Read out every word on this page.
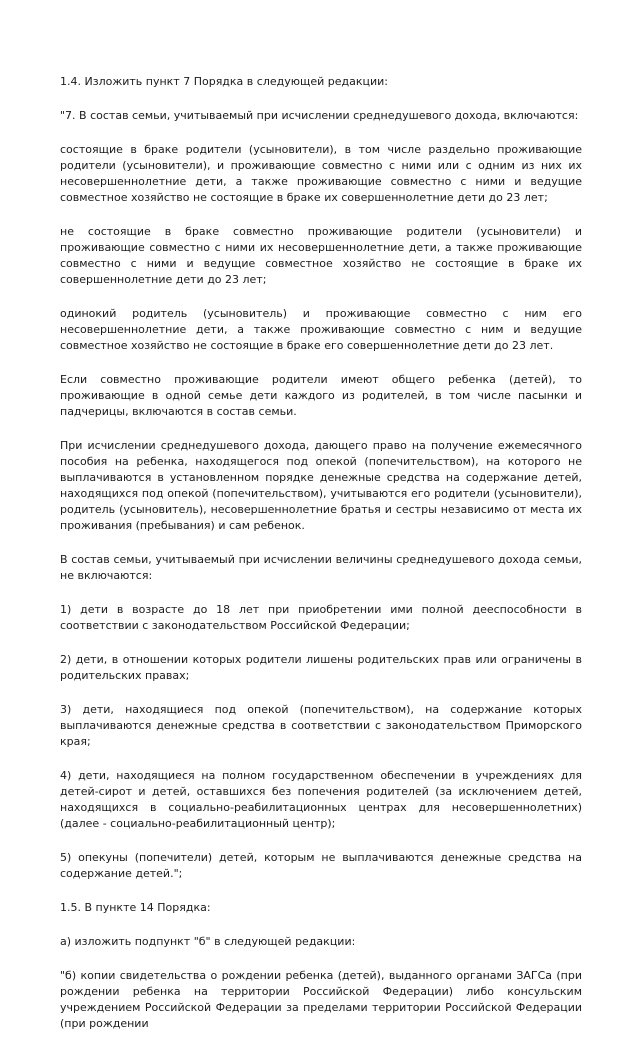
1.4. Изложить пункт 7 Порядка в следующей редакции:

"7. В состав семьи, учитываемый при исчислении среднедушевого дохода, включаются:

состоящие в браке родители (усыновители), в том числе раздельно проживающие родители (усыновители), и проживающие совместно с ними или с одним из них их несовершеннолетние дети, а также проживающие совместно с ними и ведущие совместное хозяйство не состоящие в браке их совершеннолетние дети до 23 лет;

не состоящие в браке совместно проживающие родители (усыновители) и проживающие совместно с ними их несовершеннолетние дети, а также проживающие совместно с ними и ведущие совместное хозяйство не состоящие в браке их совершеннолетние дети до 23 лет;

одинокий родитель (усыновитель) и проживающие совместно с ним его несовершеннолетние дети, а также проживающие совместно с ним и ведущие совместное хозяйство не состоящие в браке его совершеннолетние дети до 23 лет.

Если совместно проживающие родители имеют общего ребенка (детей), то проживающие в одной семье дети каждого из родителей, в том числе пасынки и падчерицы, включаются в состав семьи.

При исчислении среднедушевого дохода, дающего право на получение ежемесячного пособия на ребенка, находящегося под опекой (попечительством), на которого не выплачиваются в установленном порядке денежные средства на содержание детей, находящихся под опекой (попечительством), учитываются его родители (усыновители), родитель (усыновитель), несовершеннолетние братья и сестры независимо от места их проживания (пребывания) и сам ребенок.

В состав семьи, учитываемый при исчислении величины среднедушевого дохода семьи, не включаются:

1) дети в возрасте до 18 лет при приобретении ими полной дееспособности в соответствии с законодательством Российской Федерации;

2) дети, в отношении которых родители лишены родительских прав или ограничены в родительских правах;

3) дети, находящиеся под опекой (попечительством), на содержание которых выплачиваются денежные средства в соответствии с законодательством Приморского края;

4) дети, находящиеся на полном государственном обеспечении в учреждениях для детей-сирот и детей, оставшихся без попечения родителей (за исключением детей, находящихся в социально-реабилитационных центрах для несовершеннолетних) (далее - социально-реабилитационный центр);

5) опекуны (попечители) детей, которым не выплачиваются денежные средства на содержание детей.";

1.5. В пункте 14 Порядка:

а) изложить подпункт "б" в следующей редакции:

"б) копии свидетельства о рождении ребенка (детей), выданного органами ЗАГСа (при рождении ребенка на территории Российской Федерации) либо консульским учреждением Российской Федерации за пределами территории Российской Федерации (при рождении
